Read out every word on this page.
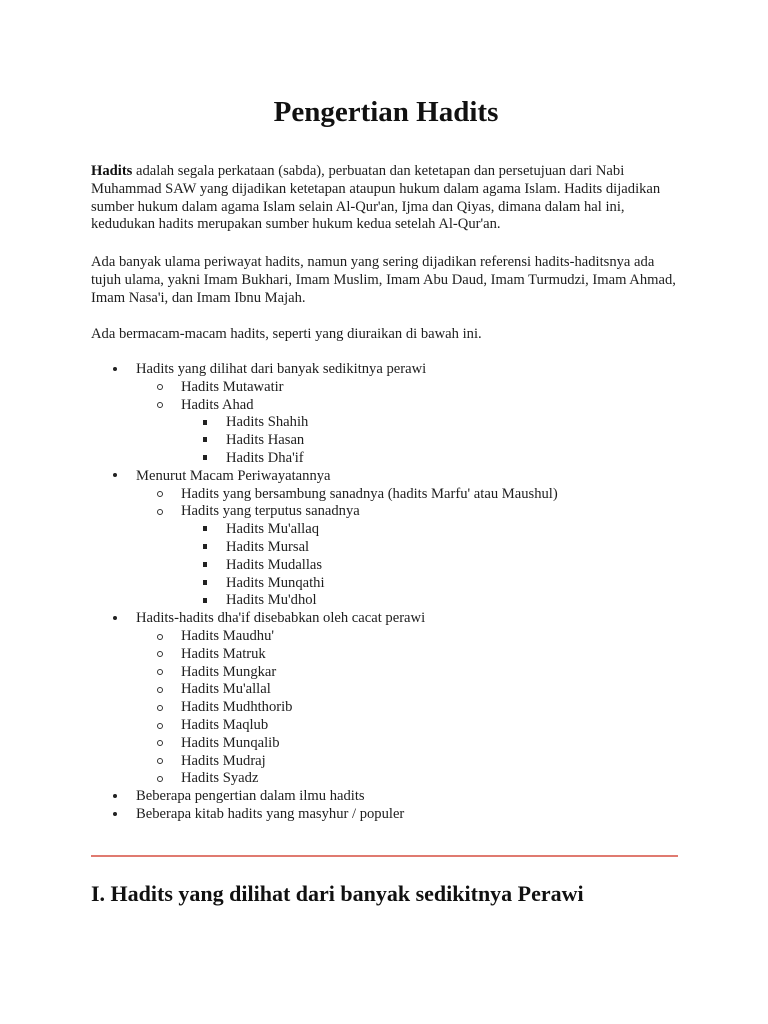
Pengertian Hadits

Hadits adalah segala perkataan (sabda), perbuatan dan ketetapan dan persetujuan dari Nabi Muhammad SAW yang dijadikan ketetapan ataupun hukum dalam agama Islam. Hadits dijadikan sumber hukum dalam agama Islam selain Al-Qur'an, Ijma dan Qiyas, dimana dalam hal ini, kedudukan hadits merupakan sumber hukum kedua setelah Al-Qur'an.

Ada banyak ulama periwayat hadits, namun yang sering dijadikan referensi hadits-haditsnya ada tujuh ulama, yakni Imam Bukhari, Imam Muslim, Imam Abu Daud, Imam Turmudzi, Imam Ahmad, Imam Nasa'i, dan Imam Ibnu Majah.

Ada bermacam-macam hadits, seperti yang diuraikan di bawah ini.

Hadits yang dilihat dari banyak sedikitnya perawi
Hadits Mutawatir
Hadits Ahad
Hadits Shahih
Hadits Hasan
Hadits Dha'if
Menurut Macam Periwayatannya
Hadits yang bersambung sanadnya (hadits Marfu' atau Maushul)
Hadits yang terputus sanadnya
Hadits Mu'allaq
Hadits Mursal
Hadits Mudallas
Hadits Munqathi
Hadits Mu'dhol
Hadits-hadits dha'if disebabkan oleh cacat perawi
Hadits Maudhu'
Hadits Matruk
Hadits Mungkar
Hadits Mu'allal
Hadits Mudhthorib
Hadits Maqlub
Hadits Munqalib
Hadits Mudraj
Hadits Syadz
Beberapa pengertian dalam ilmu hadits
Beberapa kitab hadits yang masyhur / populer
I. Hadits yang dilihat dari banyak sedikitnya Perawi
